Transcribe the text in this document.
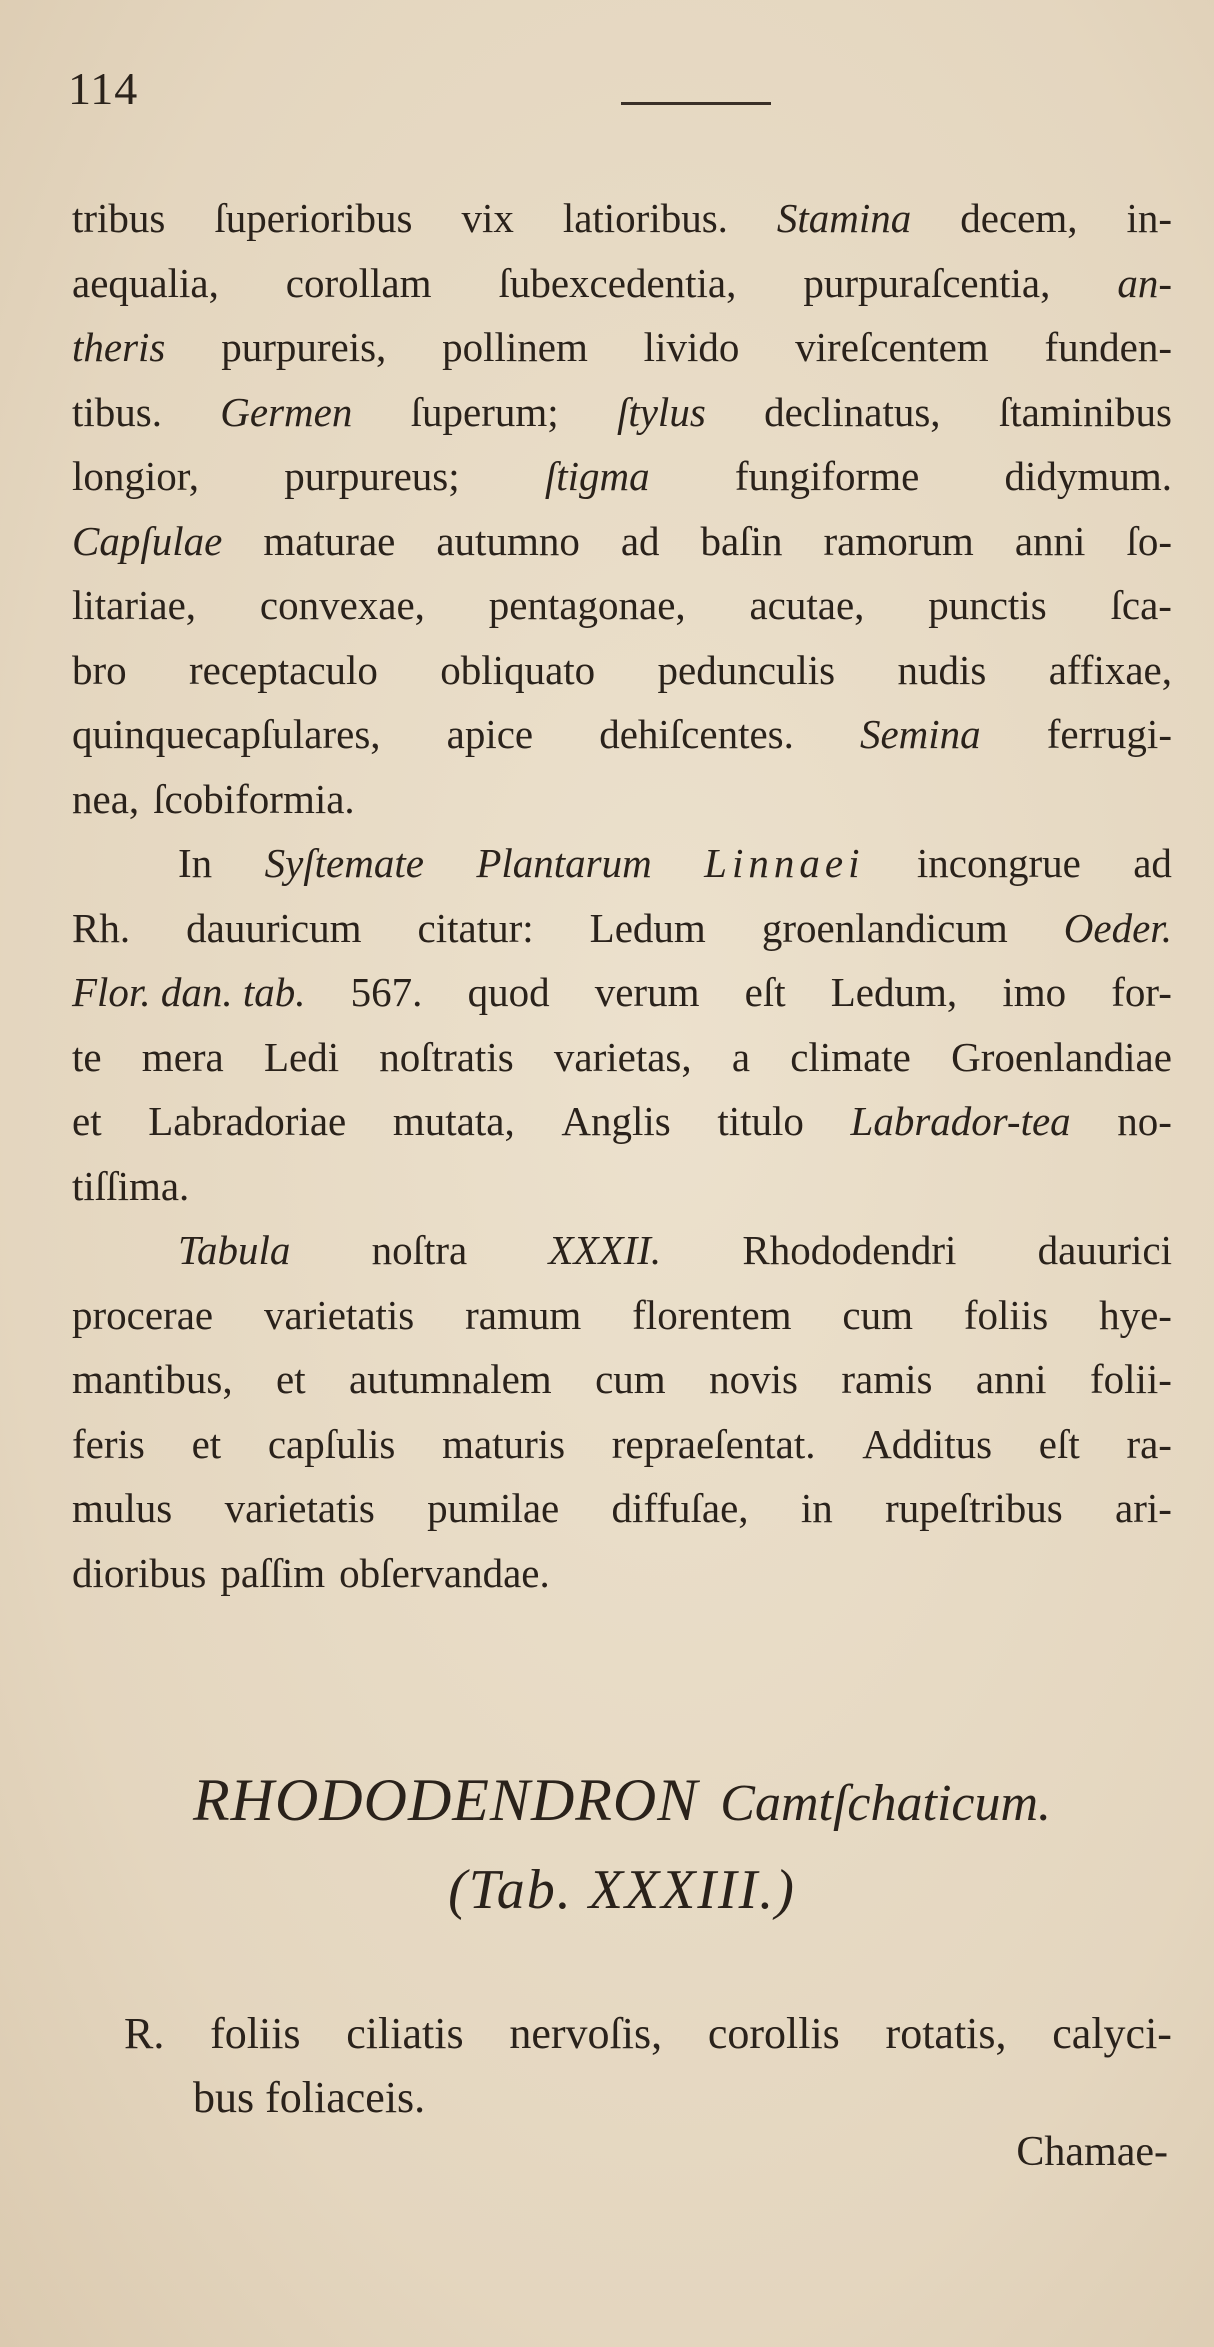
114
tribus ſuperioribus vix latioribus. Stamina decem, in-
aequalia, corollam ſubexcedentia, purpuraſcentia, an-
theris purpureis, pollinem livido vireſcentem funden-
tibus. Germen ſuperum; ſtylus declinatus, ſtaminibus
longior, purpureus; ſtigma fungiforme didymum.
Capſulae maturae autumno ad baſin ramorum anni ſo-
litariae, convexae, pentagonae, acutae, punctis ſca-
bro receptaculo obliquato pedunculis nudis affixae,
quinquecapſulares, apice dehiſcentes. Semina ferrugi-
nea, ſcobiformia.
In Syſtemate Plantarum Linnaei incongrue ad
Rh. dauuricum citatur: Ledum groenlandicum Oeder.
Flor. dan. tab. 567. quod verum eſt Ledum, imo for-
te mera Ledi noſtratis varietas, a climate Groenlandiae
et Labradoriae mutata, Anglis titulo Labrador-tea no-
tiſſima.
Tabula noſtra XXXII. Rhododendri dauurici
procerae varietatis ramum florentem cum foliis hye-
mantibus, et autumnalem cum novis ramis anni folii-
feris et capſulis maturis repraeſentat. Additus eſt ra-
mulus varietatis pumilae diffuſae, in rupeſtribus ari-
dioribus paſſim obſervandae.
RHODODENDRON Camtſchaticum.
(Tab. XXXIII.)
R. foliis ciliatis nervoſis, corollis rotatis, calyci-
bus foliaceis.
Chamae-
